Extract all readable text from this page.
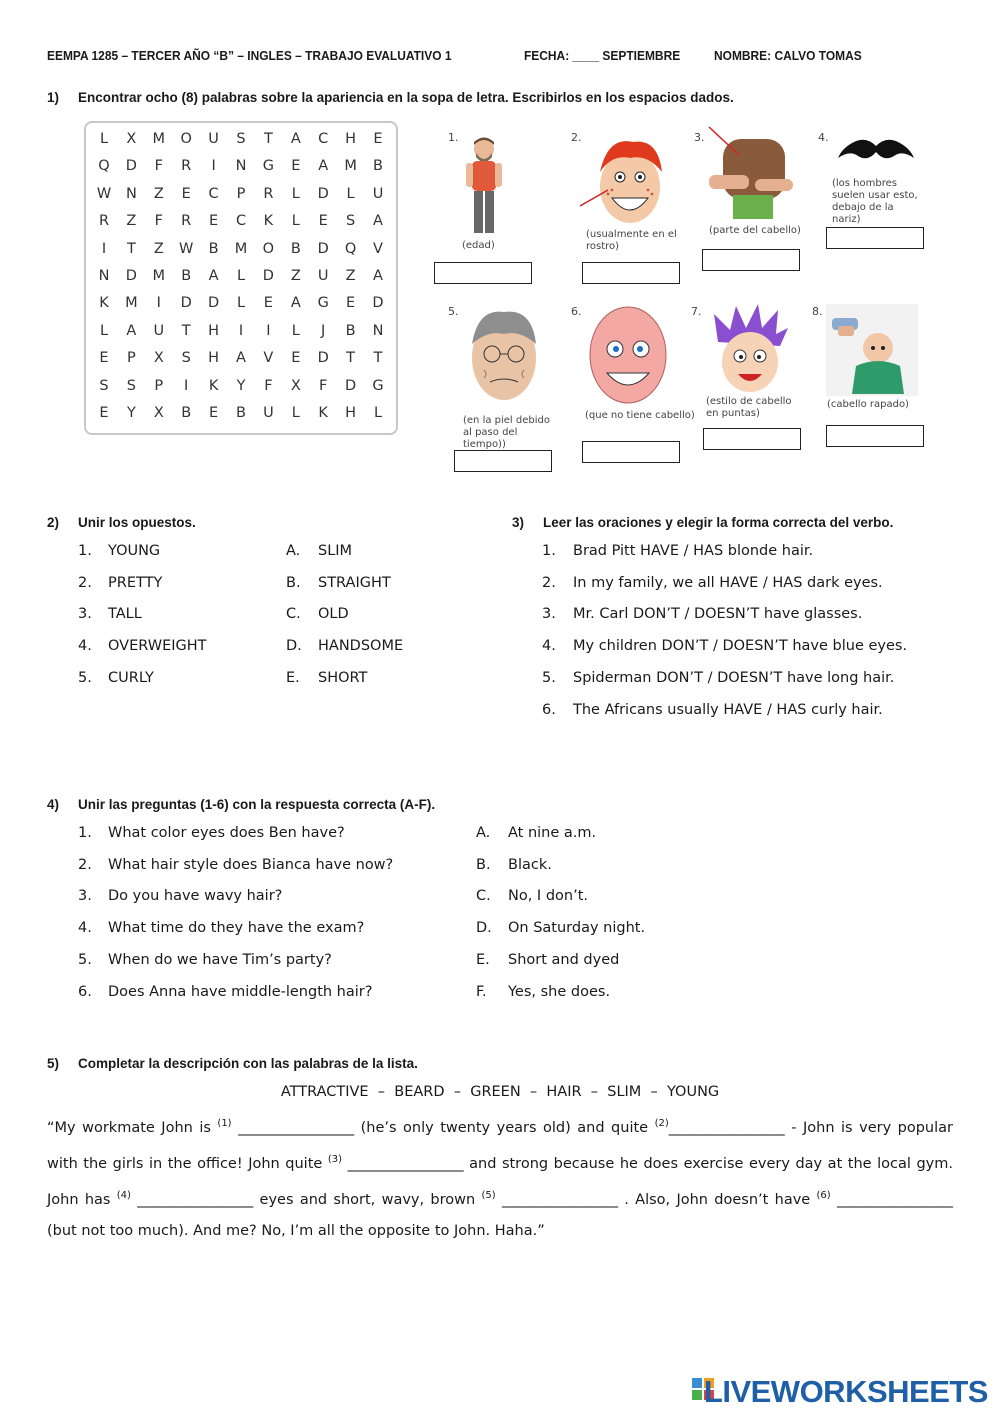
EEMPA 1285 – TERCER AÑO “B” – INGLES – TRABAJO EVALUATIVO 1	FECHA: ____ SEPTIEMBRE	NOMBRE: CALVO TOMAS
1) Encontrar ocho (8) palabras sobre la apariencia en la sopa de letra. Escribirlos en los espacios dados.
L	X	M O	U	S	T	A	C	H	E
Q	D	F	R	I	N	G	E	A	M	B
W	N	Z	E	C	P	R	L	D	L	U
R	Z	F	R	E	C	K	L	E	S	A
I	T	Z	W	B	M O	B	D	Q	V
N	D	M	B	A	L	D	Z	U	Z	A
K	M	I	D	D	L	E	A	G	E	D
L	A	U	T	H	I	I	L	J	B	N
E	P	X	S	H	A	V	E	D	T	T
S	S	P	I	K	Y	F	X	F	D	G
E	Y	X	B	E	B	U	L	K	H	L
1.
(edad)
2.
(usualmente en el rostro)
3.
(parte del cabello)
4.
(los hombres suelen usar esto, debajo de la nariz)
5.
(en la piel debido al paso del tiempo))
6.
(que no tiene cabello)
7.
(estilo de cabello en puntas)
8.
(cabello rapado)
2) Unir los opuestos.
1. YOUNG
2. PRETTY
3. TALL
4. OVERWEIGHT
5. CURLY
A. SLIM
B. STRAIGHT
C. OLD
D. HANDSOME
E. SHORT
3) Leer las oraciones y elegir la forma correcta del verbo.
1. Brad Pitt HAVE / HAS blonde hair.
2. In my family, we all HAVE / HAS dark eyes.
3. Mr. Carl DON’T / DOESN’T have glasses.
4. My children DON’T / DOESN’T have blue eyes.
5. Spiderman DON’T / DOESN’T have long hair.
6. The Africans usually HAVE / HAS curly hair.
4) Unir las preguntas (1-6) con la respuesta correcta (A-F).
1. What color eyes does Ben have?
2. What hair style does Bianca have now?
3. Do you have wavy hair?
4. What time do they have the exam?
5. When do we have Tim’s party?
6. Does Anna have middle-length hair?
A. At nine a.m.
B. Black.
C. No, I don’t.
D. On Saturday night.
E. Short and dyed
F. Yes, she does.
5) Completar la descripción con las palabras de la lista.
ATTRACTIVE  –  BEARD  –  GREEN  –  HAIR  –  SLIM  –  YOUNG
“My workmate John is $^{(1)}$ ________________ (he’s only twenty years old) and quite $^{(2)}$________________ - John is very popular with the girls in the office! John quite $^{(3)}$ ________________ and strong because he does exercise every day at the local gym. John has $^{(4)}$ ________________ eyes and short, wavy, brown $^{(5)}$ ________________ . Also, John doesn’t have $^{(6)}$ ________________ (but not too much). And me? No, I’m all the opposite to John. Haha.”
LIVEWORKSHEETS
